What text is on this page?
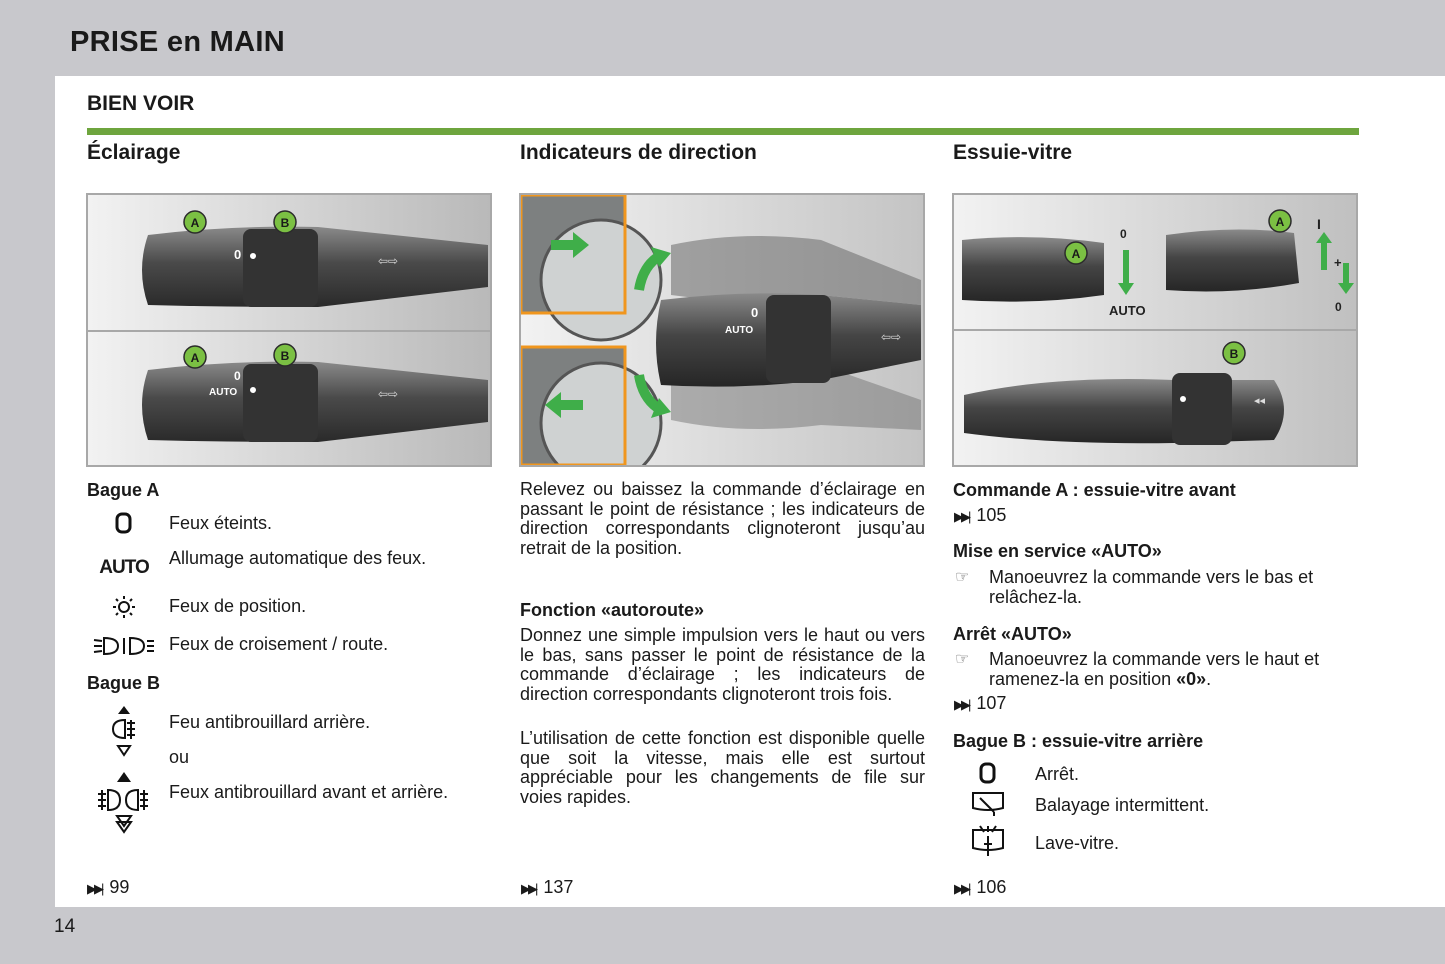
PRISE en MAIN
14
BIEN VOIR
Éclairage	Indicateurs de direction	Essuie-vitre
A	B
0	⇦⇨
A	B
0
AUTO	⇦⇨
0
AUTO	⇦⇨
A
0
AUTO
A I
+
0
B
◂◂
Bague A
Feux éteints.
AUTO	Allumage automatique des feux.
Feux de position.
Feux de croisement / route.
Bague B
Feu antibrouillard arrière.
ou
Feux antibrouillard avant et arrière.
▶▶| 99
Relevez ou baissez la commande d’éclairage en passant le point de résistance ; les indicateurs de direction correspondants clignoteront jusqu’au retrait de la position.
Fonction «autoroute»
Donnez une simple impulsion vers le haut ou vers le bas, sans passer le point de résistance de la commande d’éclairage ; les indicateurs de direction correspondants clignoteront trois fois.
L’utilisation de cette fonction est disponible quelle que soit la vitesse, mais elle est surtout appréciable pour les changements de file sur voies rapides.
▶▶| 137
Commande A : essuie-vitre avant
▶▶| 105
Mise en service «AUTO»
☞ Manoeuvrez la commande vers le bas et relâchez-la.
Arrêt «AUTO»
☞ Manoeuvrez la commande vers le haut et ramenez-la en position «0».
▶▶| 107
Bague B : essuie-vitre arrière
Arrêt.
Balayage intermittent.
Lave-vitre.
▶▶| 106
